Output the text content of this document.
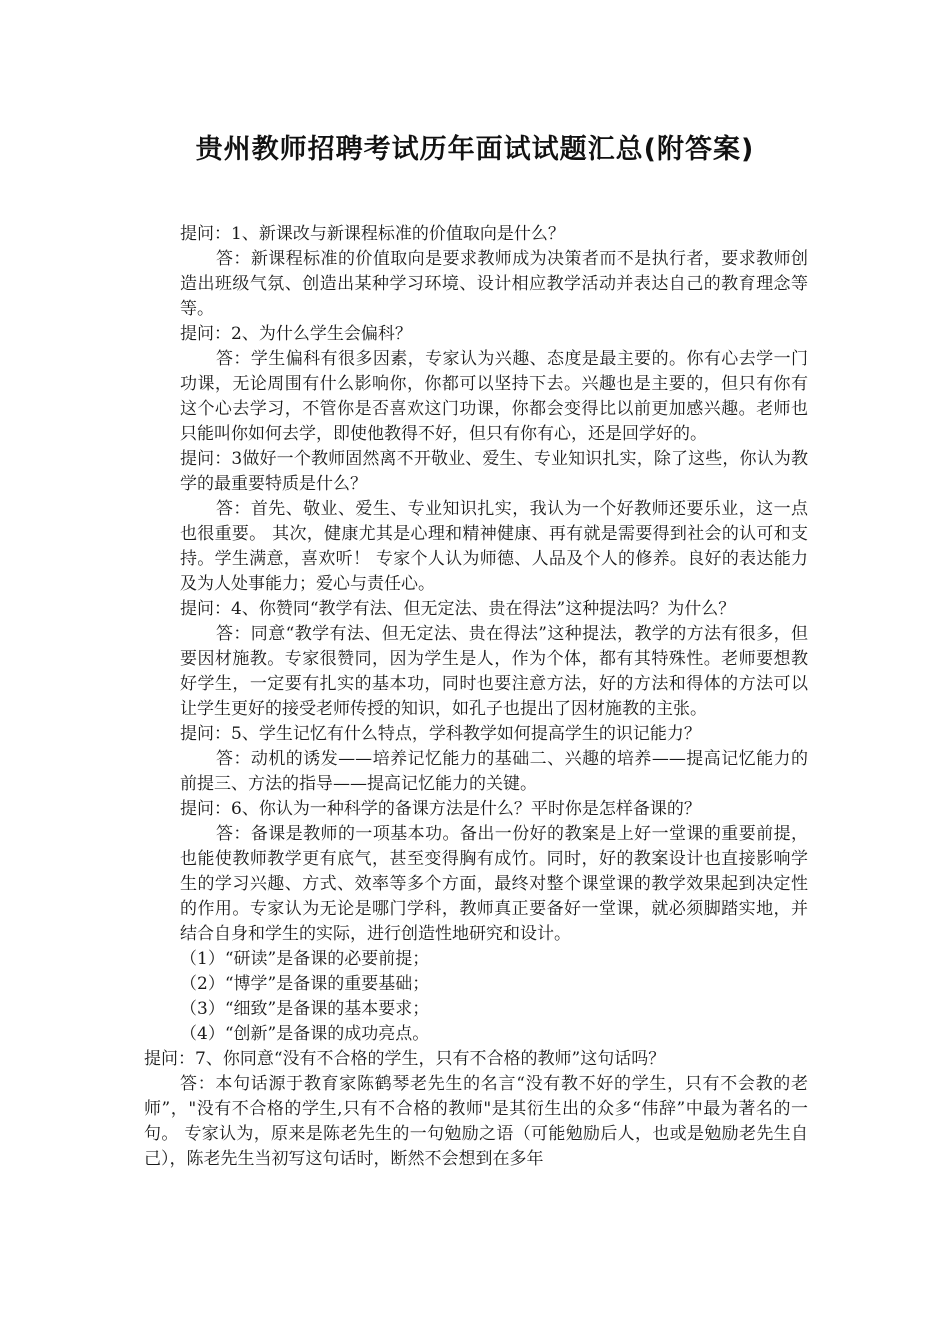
贵州教师招聘考试历年面试试题汇总(附答案)

提问：1、新课改与新课程标准的价值取向是什么？

答：新课程标准的价值取向是要求教师成为决策者而不是执行者，要求教师创造出班级气氛、创造出某种学习环境、设计相应教学活动并表达自己的教育理念等等。

提问：2、为什么学生会偏科？

答：学生偏科有很多因素，专家认为兴趣、态度是最主要的。你有心去学一门功课，无论周围有什么影响你，你都可以坚持下去。兴趣也是主要的，但只有你有这个心去学习，不管你是否喜欢这门功课，你都会变得比以前更加感兴趣。老师也只能叫你如何去学，即使他教得不好，但只有你有心，还是回学好的。

提问：3做好一个教师固然离不开敬业、爱生、专业知识扎实，除了这些，你认为教学的最重要特质是什么？

答：首先、敬业、爱生、专业知识扎实，我认为一个好教师还要乐业，这一点也很重要。 其次，健康尤其是心理和精神健康、再有就是需要得到社会的认可和支持。学生满意，喜欢听！ 专家个人认为师德、人品及个人的修养。良好的表达能力及为人处事能力；爱心与责任心。

提问：4、你赞同“教学有法、但无定法、贵在得法”这种提法吗？为什么？

答：同意“教学有法、但无定法、贵在得法”这种提法，教学的方法有很多，但要因材施教。专家很赞同，因为学生是人，作为个体，都有其特殊性。老师要想教好学生，一定要有扎实的基本功，同时也要注意方法，好的方法和得体的方法可以让学生更好的接受老师传授的知识，如孔子也提出了因材施教的主张。

提问：5、学生记忆有什么特点，学科教学如何提高学生的识记能力？

答：动机的诱发——培养记忆能力的基础二、兴趣的培养——提高记忆能力的前提三、方法的指导——提高记忆能力的关键。

提问：6、你认为一种科学的备课方法是什么？平时你是怎样备课的？

答：备课是教师的一项基本功。备出一份好的教案是上好一堂课的重要前提，也能使教师教学更有底气，甚至变得胸有成竹。同时，好的教案设计也直接影响学生的学习兴趣、方式、效率等多个方面，最终对整个课堂课的教学效果起到决定性的作用。专家认为无论是哪门学科，教师真正要备好一堂课，就必须脚踏实地，并结合自身和学生的实际，进行创造性地研究和设计。

（1）“研读”是备课的必要前提；

（2）“博学”是备课的重要基础；

（3）“细致”是备课的基本要求；

（4）“创新”是备课的成功亮点。

提问：7、你同意“没有不合格的学生，只有不合格的教师”这句话吗？

答：本句话源于教育家陈鹤琴老先生的名言“没有教不好的学生，只有不会教的老师”，"没有不合格的学生,只有不合格的教师"是其衍生出的众多“伟辞”中最为著名的一句。 专家认为，原来是陈老先生的一句勉励之语（可能勉励后人，也或是勉励老先生自己），陈老先生当初写这句话时，断然不会想到在多年
